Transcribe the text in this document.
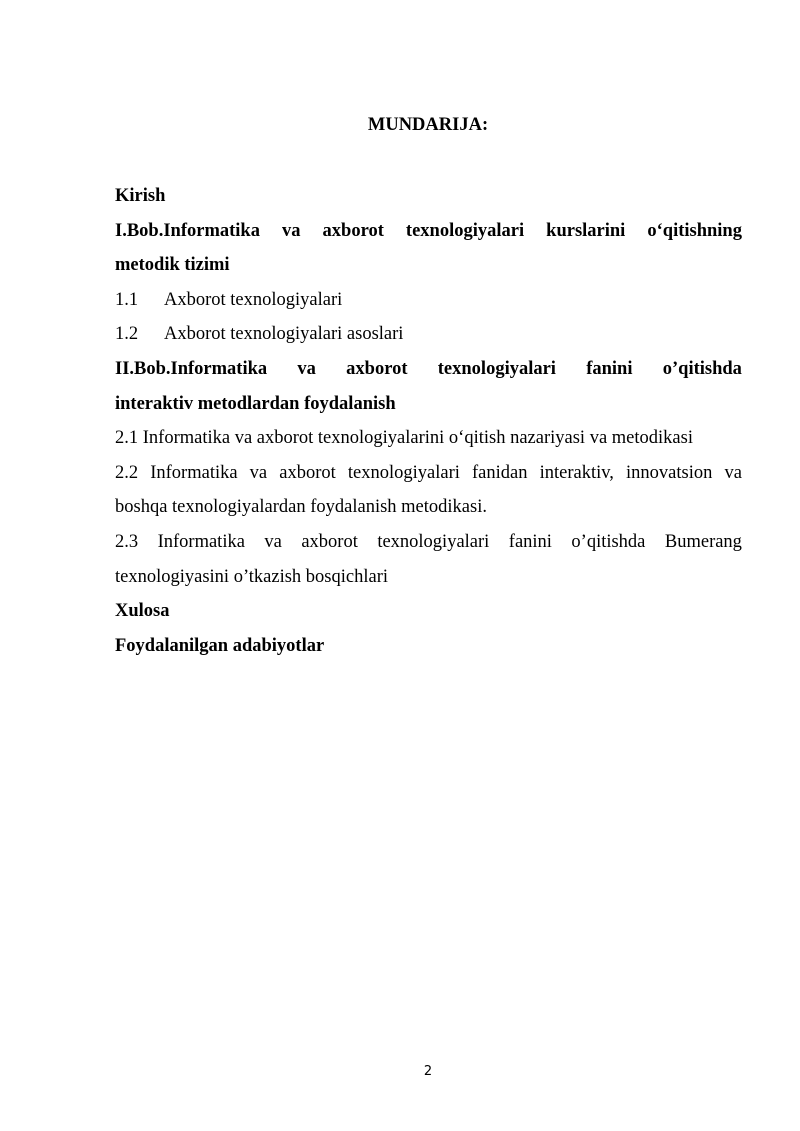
MUNDARIJA:
Kirish
I.Bob.Informatika va axborot texnologiyalari kurslarini o‘qitishning
metodik tizimi
1.1 Axborot texnologiyalari
1.2 Axborot texnologiyalari asoslari
II.Bob.Informatika va axborot texnologiyalari fanini o’qitishda
interaktiv metodlardan foydalanish
2.1 Informatika va axborot texnologiyalarini o‘qitish nazariyasi va metodikasi
2.2 Informatika va axborot texnologiyalari fanidan interaktiv, innovatsion va
boshqa texnologiyalardan foydalanish metodikasi.
2.3 Informatika va axborot texnologiyalari fanini o’qitishda Bumerang
texnologiyasini o’tkazish bosqichlari
Xulosa
Foydalanilgan adabiyotlar
2
